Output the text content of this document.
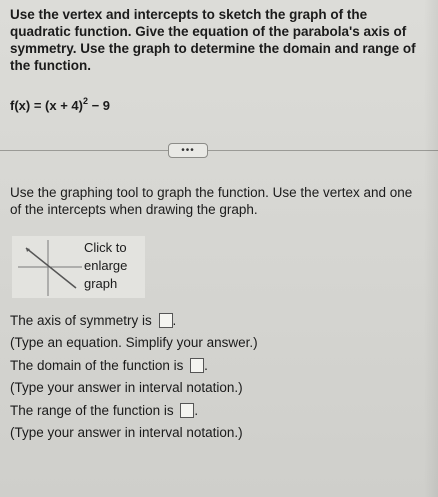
Use the vertex and intercepts to sketch the graph of the quadratic function. Give the equation of the parabola's axis of symmetry. Use the graph to determine the domain and range of the function.
$f(x) = (x + 4)^2 - 9$
•••
Use the graphing tool to graph the function. Use the vertex and one of the intercepts when drawing the graph.
Click to
enlarge
graph
The axis of symmetry is .
(Type an equation. Simplify your answer.)
The domain of the function is .
(Type your answer in interval notation.)
The range of the function is .
(Type your answer in interval notation.)
